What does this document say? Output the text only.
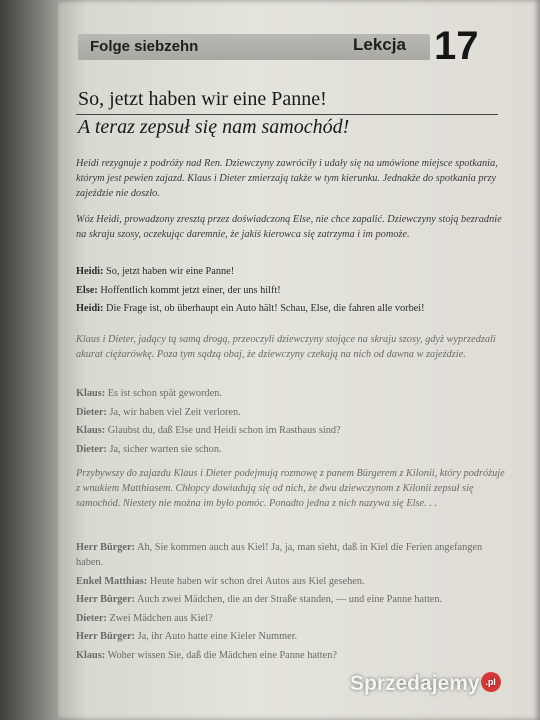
Folge siebzehn	Lekcja 17
So, jetzt haben wir eine Panne!
A teraz zepsuł się nam samochód!
Heidi rezygnuje z podróży nad Ren. Dziewczyny zawróciły i udały się na umówione miejsce spotkania, którym jest pewien zajazd. Klaus i Dieter zmierzają także w tym kierunku. Jednakże do spotkania przy zajeździe nie doszło.
Wóz Heidi, prowadzony zresztą przez doświadczoną Else, nie chce zapalić. Dziewczyny stoją bezradnie na skraju szosy, oczekując daremnie, że jakiś kierowca się zatrzyma i im pomoże.
Heidi: So, jetzt haben wir eine Panne!
Else: Hoffentlich kommt jetzt einer, der uns hilft!
Heidi: Die Frage ist, ob überhaupt ein Auto hält! Schau, Else, die fahren alle vorbei!
Klaus i Dieter, jadący tą samą drogą, przeoczyli dziewczyny stojące na skraju szosy, gdyż wyprzedzali akurat ciężarówkę. Poza tym sądzą obaj, że dziewczyny czekają na nich od dawna w zajeździe.
Klaus: Es ist schon spät geworden.
Dieter: Ja, wir haben viel Zeit verloren.
Klaus: Glaubst du, daß Else und Heidi schon im Rasthaus sind?
Dieter: Ja, sicher warten sie schon.
Przybywszy do zajazdu Klaus i Dieter podejmują rozmowę z panem Bürgerem z Kilonii, który podróżuje z wnukiem Matthiasem. Chłopcy dowiadują się od nich, że dwu dziewczynom z Kilonii zepsuł się samochód. Niestety nie można im było pomóc. Ponadto jedna z nich nazywa się Else. . .
Herr Bürger: Ah, Sie kommen auch aus Kiel! Ja, ja, man sieht, daß in Kiel die Ferien angefangen haben.
Enkel Matthias: Heute haben wir schon drei Autos aus Kiel gesehen.
Herr Bürger: Auch zwei Mädchen, die an der Straße standen, — und eine Panne hatten.
Dieter: Zwei Mädchen aus Kiel?
Herr Bürger: Ja, ihr Auto hatte eine Kieler Nummer.
Klaus: Woher wissen Sie, daß die Mädchen eine Panne hatten?
Sprzedajemy .pl
